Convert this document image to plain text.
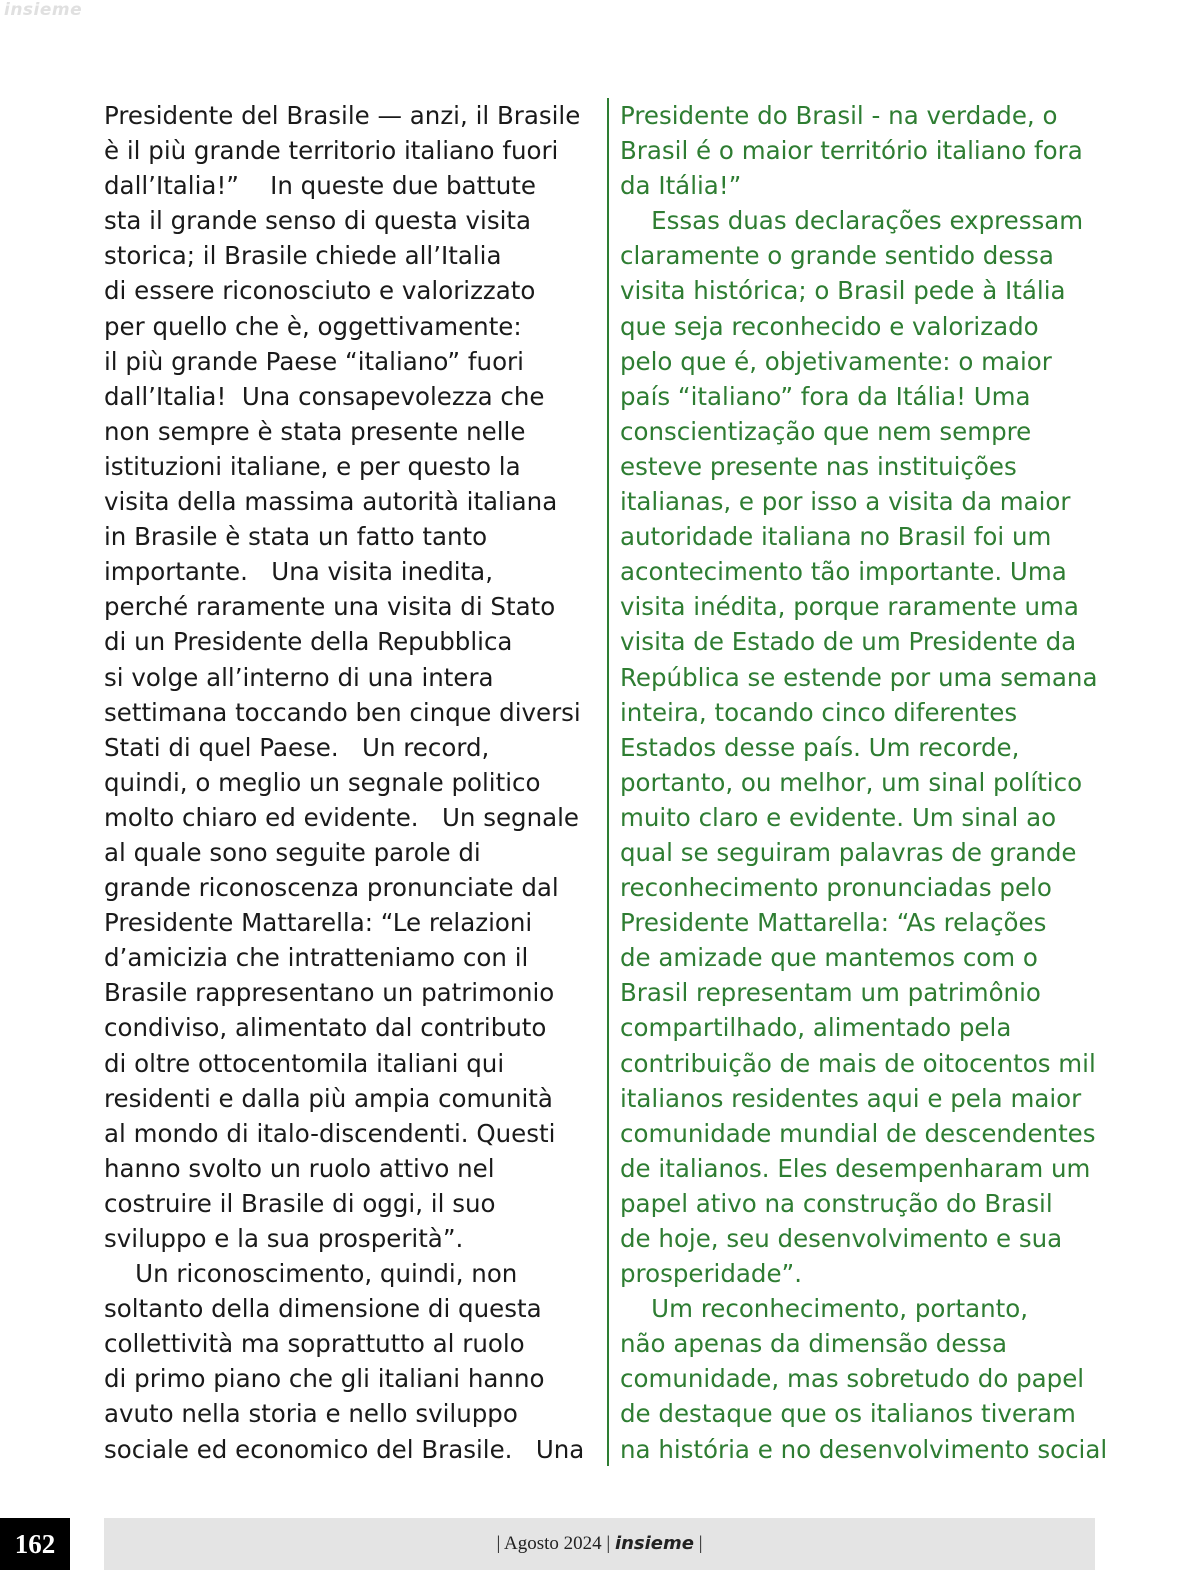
insieme
Presidente del Brasile — anzi, il Brasile
è il più grande territorio italiano fuori
dall’Italia!”    In queste due battute
sta il grande senso di questa visita
storica; il Brasile chiede all’Italia
di essere riconosciuto e valorizzato
per quello che è, oggettivamente:
il più grande Paese “italiano” fuori
dall’Italia!  Una consapevolezza che
non sempre è stata presente nelle
istituzioni italiane, e per questo la
visita della massima autorità italiana
in Brasile è stata un fatto tanto
importante.   Una visita inedita,
perché raramente una visita di Stato
di un Presidente della Repubblica
si volge all’interno di una intera
settimana toccando ben cinque diversi
Stati di quel Paese.   Un record,
quindi, o meglio un segnale politico
molto chiaro ed evidente.   Un segnale
al quale sono seguite parole di
grande riconoscenza pronunciate dal
Presidente Mattarella: “Le relazioni
d’amicizia che intratteniamo con il
Brasile rappresentano un patrimonio
condiviso, alimentato dal contributo
di oltre ottocentomila italiani qui
residenti e dalla più ampia comunità
al mondo di italo-discendenti. Questi
hanno svolto un ruolo attivo nel
costruire il Brasile di oggi, il suo
sviluppo e la sua prosperità”.
Un riconoscimento, quindi, non
soltanto della dimensione di questa
collettività ma soprattutto al ruolo
di primo piano che gli italiani hanno
avuto nella storia e nello sviluppo
sociale ed economico del Brasile.   Una
Presidente do Brasil - na verdade, o
Brasil é o maior território italiano fora
da Itália!”
Essas duas declarações expressam
claramente o grande sentido dessa
visita histórica; o Brasil pede à Itália
que seja reconhecido e valorizado
pelo que é, objetivamente: o maior
país “italiano” fora da Itália! Uma
conscientização que nem sempre
esteve presente nas instituições
italianas, e por isso a visita da maior
autoridade italiana no Brasil foi um
acontecimento tão importante. Uma
visita inédita, porque raramente uma
visita de Estado de um Presidente da
República se estende por uma semana
inteira, tocando cinco diferentes
Estados desse país. Um recorde,
portanto, ou melhor, um sinal político
muito claro e evidente. Um sinal ao
qual se seguiram palavras de grande
reconhecimento pronunciadas pelo
Presidente Mattarella: “As relações
de amizade que mantemos com o
Brasil representam um patrimônio
compartilhado, alimentado pela
contribuição de mais de oitocentos mil
italianos residentes aqui e pela maior
comunidade mundial de descendentes
de italianos. Eles desempenharam um
papel ativo na construção do Brasil
de hoje, seu desenvolvimento e sua
prosperidade”.
Um reconhecimento, portanto,
não apenas da dimensão dessa
comunidade, mas sobretudo do papel
de destaque que os italianos tiveram
na história e no desenvolvimento social
162	| Agosto 2024 | insieme |
